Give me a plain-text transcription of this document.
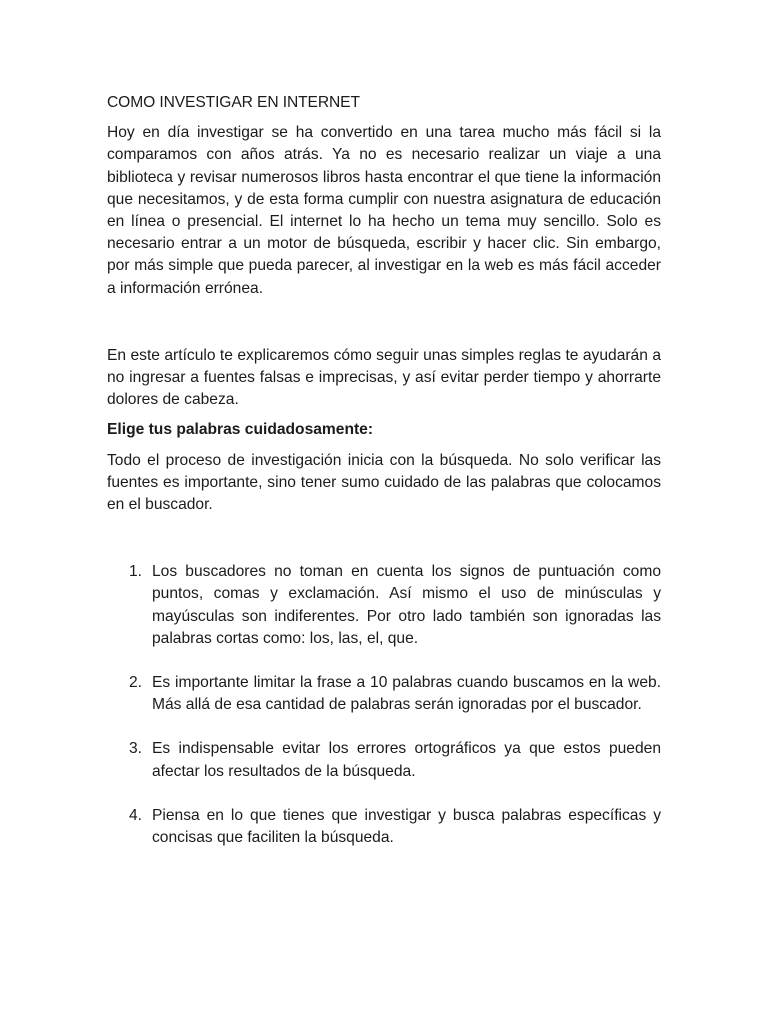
COMO INVESTIGAR EN INTERNET

Hoy en día investigar se ha convertido en una tarea mucho más fácil si la comparamos con años atrás. Ya no es necesario realizar un viaje a una biblioteca y revisar numerosos libros hasta encontrar el que tiene la información que necesitamos, y de esta forma cumplir con nuestra asignatura de educación en línea o presencial. El internet lo ha hecho un tema muy sencillo. Solo es necesario entrar a un motor de búsqueda, escribir y hacer clic. Sin embargo, por más simple que pueda parecer, al investigar en la web es más fácil acceder a información errónea.

En este artículo te explicaremos cómo seguir unas simples reglas te ayudarán a no ingresar a fuentes falsas e imprecisas, y así evitar perder tiempo y ahorrarte dolores de cabeza.

Elige tus palabras cuidadosamente:

Todo el proceso de investigación inicia con la búsqueda. No solo verificar las fuentes es importante, sino tener sumo cuidado de las palabras que colocamos en el buscador.

1. Los buscadores no toman en cuenta los signos de puntuación como puntos, comas y exclamación. Así mismo el uso de minúsculas y mayúsculas son indiferentes. Por otro lado también son ignoradas las palabras cortas como: los, las, el, que.
2. Es importante limitar la frase a 10 palabras cuando buscamos en la web. Más allá de esa cantidad de palabras serán ignoradas por el buscador.
3. Es indispensable evitar los errores ortográficos ya que estos pueden afectar los resultados de la búsqueda.
4. Piensa en lo que tienes que investigar y busca palabras específicas y concisas que faciliten la búsqueda.
